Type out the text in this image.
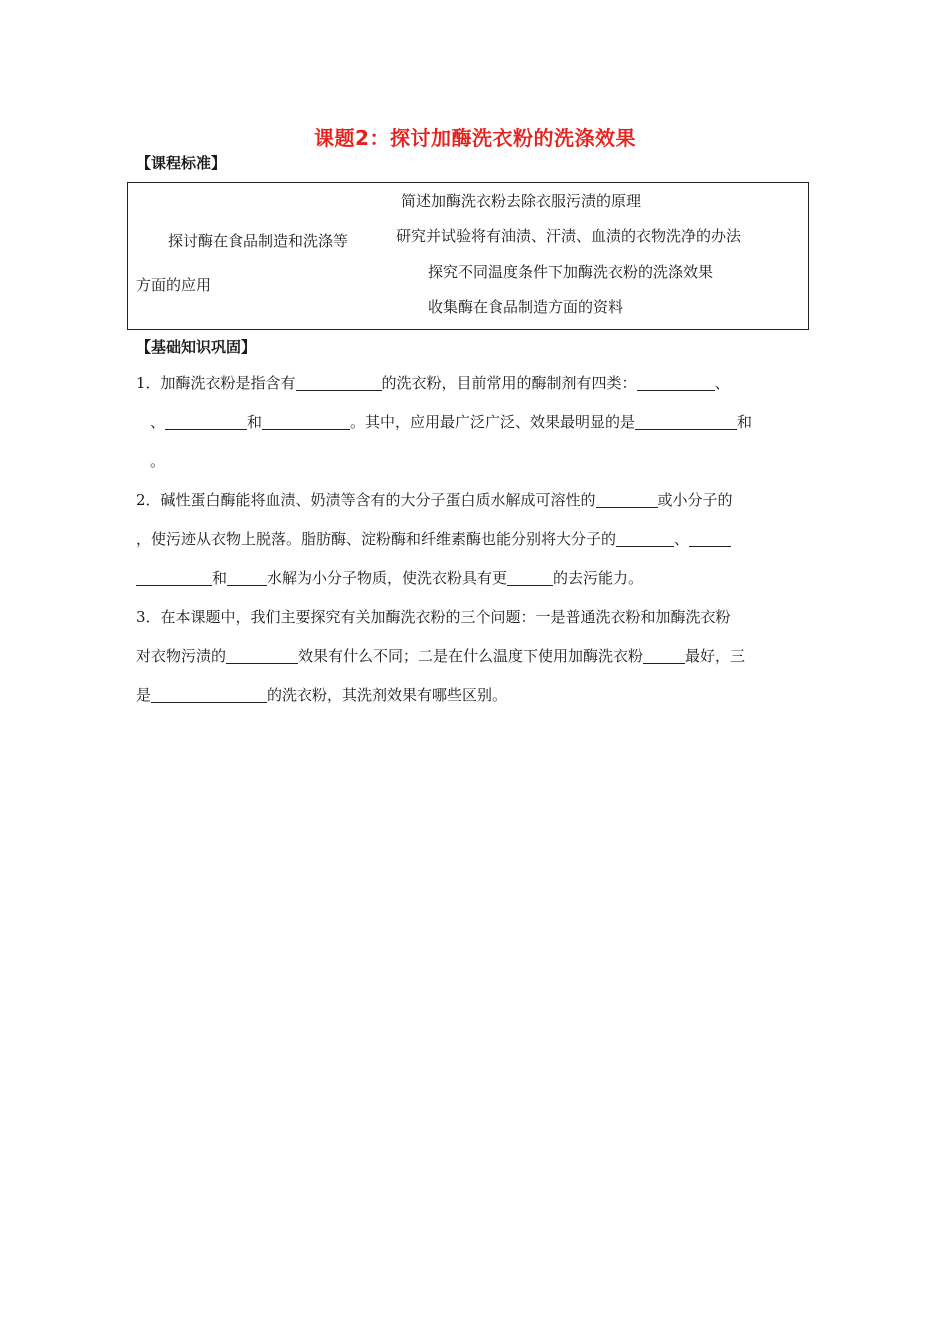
课题2：探讨加酶洗衣粉的洗涤效果
【课程标准】
探讨酶在食品制造和洗涤等
方面的应用
简述加酶洗衣粉去除衣服污渍的原理
研究并试验将有油渍、汗渍、血渍的衣物洗净的办法
探究不同温度条件下加酶洗衣粉的洗涤效果
收集酶在食品制造方面的资料
【基础知识巩固】
1．加酶洗衣粉是指含有	的洗衣粉，目前常用的酶制剂有四类：	、
、	和	。其中，应用最广泛广泛、效果最明显的是	和
。
2．碱性蛋白酶能将血渍、奶渍等含有的大分子蛋白质水解成可溶性的	或小分子的
，使污迹从衣物上脱落。脂肪酶、淀粉酶和纤维素酶也能分别将大分子的	、
和	水解为小分子物质，使洗衣粉具有更	的去污能力。
3．在本课题中，我们主要探究有关加酶洗衣粉的三个问题：一是普通洗衣粉和加酶洗衣粉
对衣物污渍的	效果有什么不同；二是在什么温度下使用加酶洗衣粉	最好，三
是	的洗衣粉，其洗剂效果有哪些区别。
